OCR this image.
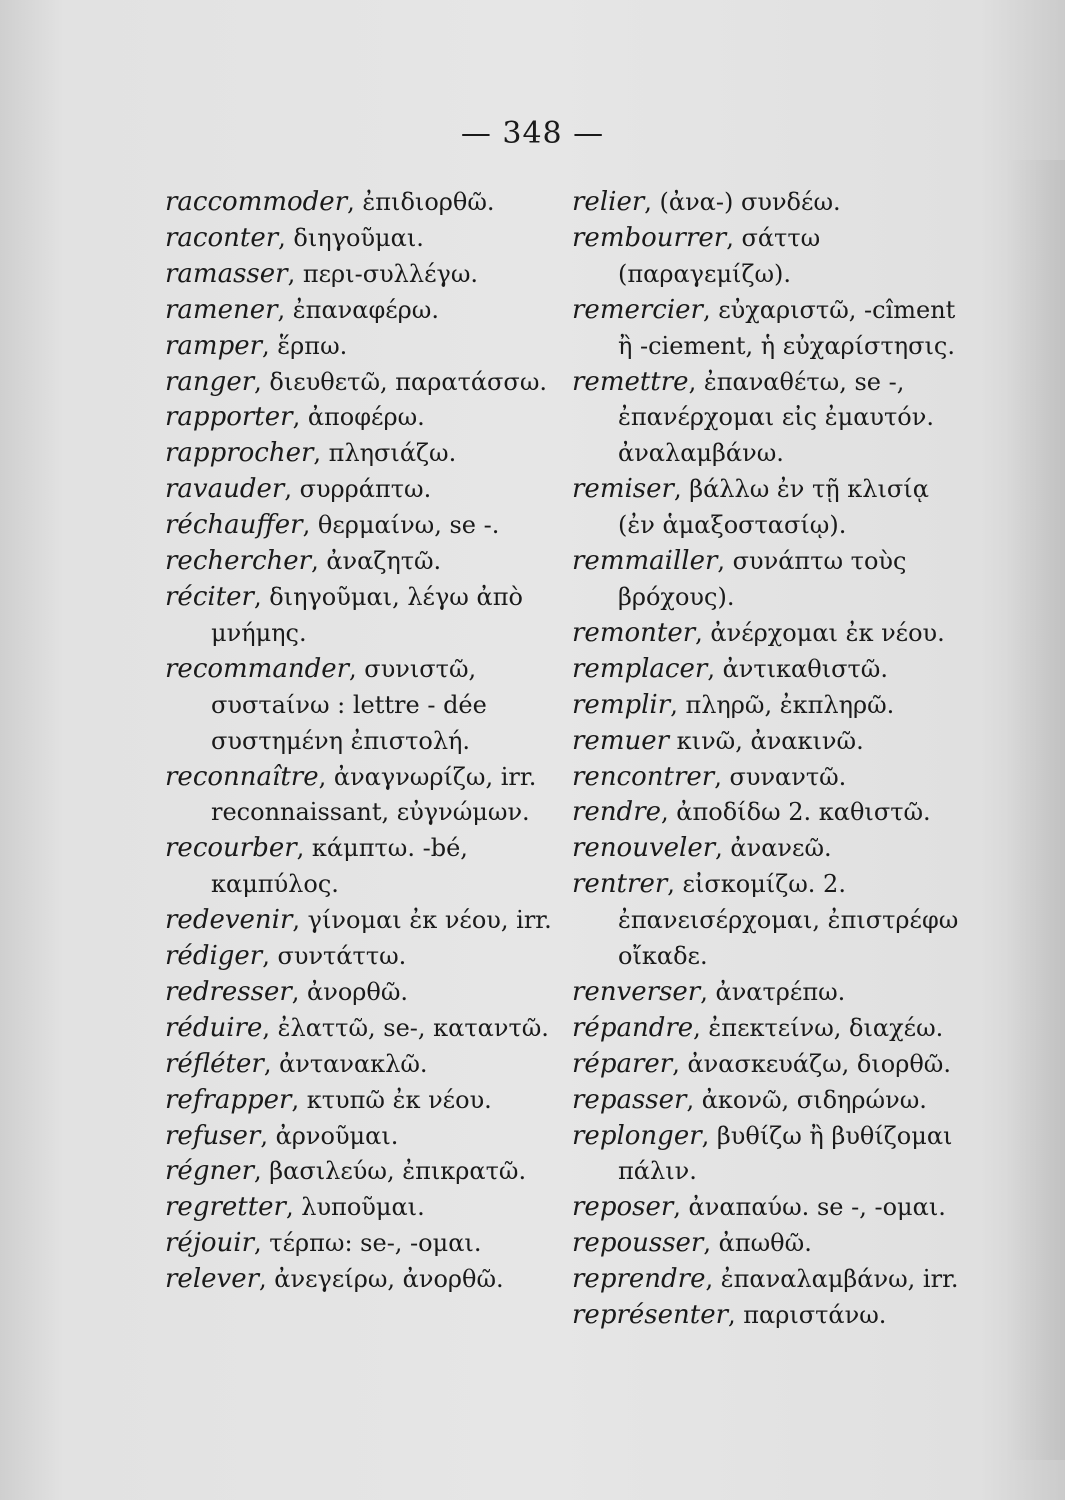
— 348 —
raccommoder, ἐπιδιορθῶ.
raconter, διηγοῦμαι.
ramasser, περι-συλλέγω.
ramener, ἐπαναφέρω.
ramper, ἕρπω.
ranger, διευθετῶ, παρατάσσω.
rapporter, ἀποφέρω.
rapprocher, πλησιάζω.
ravauder, συρράπτω.
réchauffer, θερμαίνω, se -.
rechercher, ἀναζητῶ.
réciter, διηγοῦμαι, λέγω ἀπὸ μνήμης.
recommander, συνιστῶ, συστaίνω : lettre - dée συστημένη ἐπιστολή.
reconnaître, ἀναγνωρίζω, irr. reconnaissant, εὐγνώμων.
recourber, κάμπτω. -bé, καμπύλος.
redevenir, γίνομαι ἐκ νέου, irr.
rédiger, συντάττω.
redresser, ἀνορθῶ.
réduire, ἐλαττῶ, se-, καταντῶ.
réfléter, ἀντανακλῶ.
refrapper, κτυπῶ ἐκ νέου.
refuser, ἀρνοῦμαι.
régner, βασιλεύω, ἐπικρατῶ.
regretter, λυποῦμαι.
réjouir, τέρπω: se-, -ομαι.
relever, ἀνεγείρω, ἀνορθῶ.
relier, (ἀνα-) συνδέω.
rembourrer, σάττω (παραγεμίζω).
remercier, εὐχαριστῶ, -cîment ἢ -ciement, ἡ εὐχαρίστησις.
remettre, ἐπαναθέτω, se -, ἐπανέρχομαι εἰς ἐμαυτόν. ἀναλαμβάνω.
remiser, βάλλω ἐν τῇ κλισίᾳ (ἐν ἁμαξοστασίῳ).
remmailler, συνάπτω τοὺς βρόχους).
remonter, ἀνέρχομαι ἐκ νέου.
remplacer, ἀντικαθιστῶ.
remplir, πληρῶ, ἐκπληρῶ.
remuer κινῶ, ἀνακινῶ.
rencontrer, συναντῶ.
rendre, ἀποδίδω 2. καθιστῶ.
renouveler, ἀνανεῶ.
rentrer, εἰσκομίζω. 2. ἐπανεισέρχομαι, ἐπιστρέφω οἴκαδε.
renverser, ἀνατρέπω.
répandre, ἐπεκτείνω, διαχέω.
réparer, ἀνασκευάζω, διορθῶ.
repasser, ἀκονῶ, σιδηρώνω.
replonger, βυθίζω ἢ βυθίζομαι πάλιν.
reposer, ἀναπαύω. se -, -ομαι.
repousser, ἀπωθῶ.
reprendre, ἐπαναλαμβάνω, irr.
représenter, παριστάνω.
